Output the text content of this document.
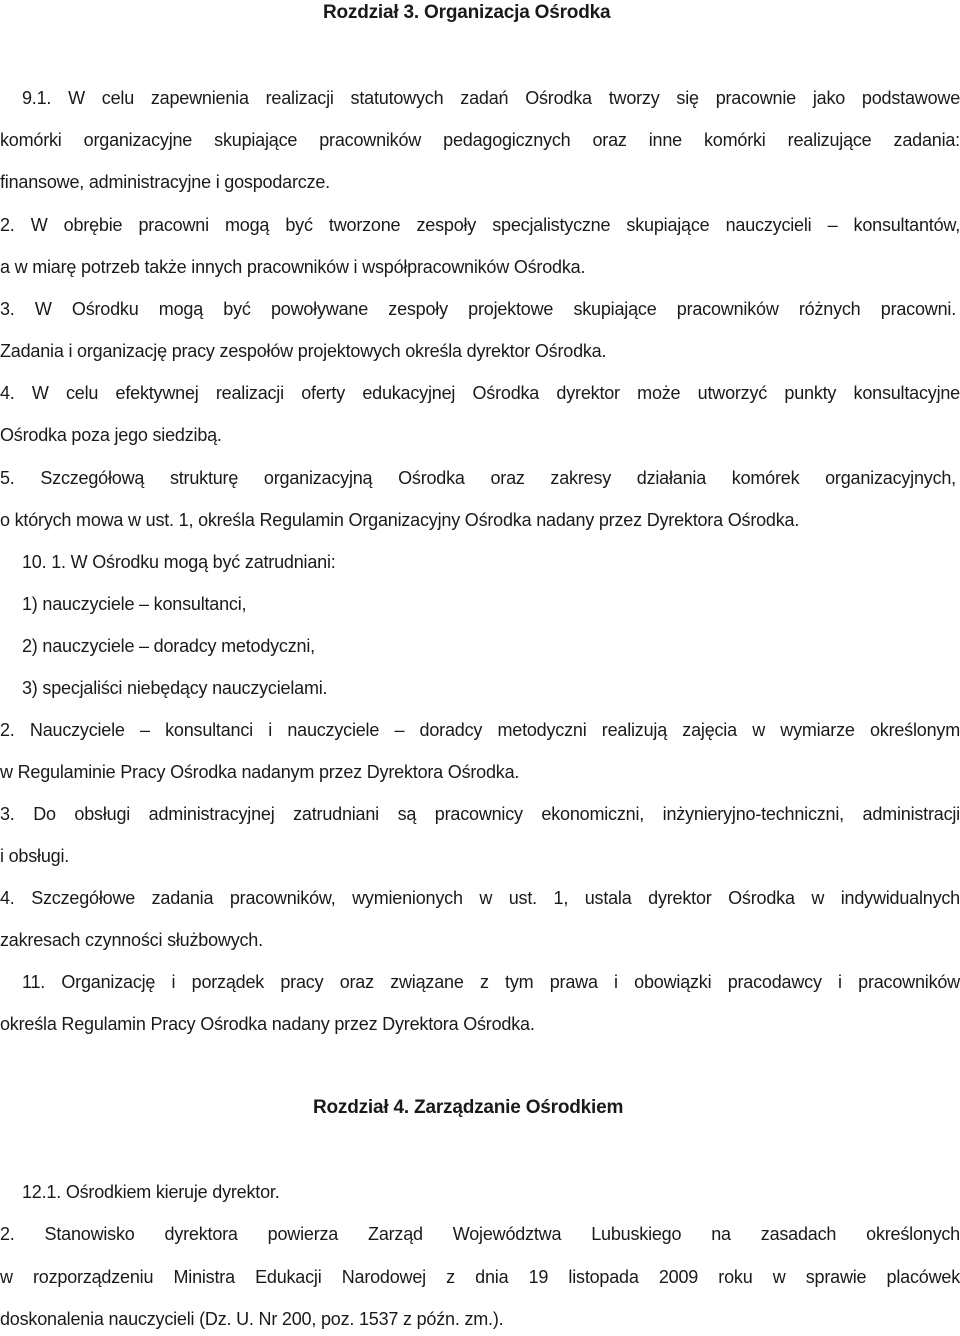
Rozdział 3. Organizacja Ośrodka
9.1. W celu zapewnienia realizacji statutowych zadań Ośrodka tworzy się pracownie jako podstawowe
komórki organizacyjne skupiające pracowników pedagogicznych oraz inne komórki realizujące zadania:
finansowe, administracyjne i gospodarcze.
2. W obrębie pracowni mogą być tworzone zespoły specjalistyczne skupiające nauczycieli – konsultantów,
a w miarę potrzeb także innych pracowników i współpracowników Ośrodka.
3. W Ośrodku mogą być powoływane zespoły projektowe skupiające pracowników różnych pracowni.
Zadania i organizację pracy zespołów projektowych określa dyrektor Ośrodka.
4. W celu efektywnej realizacji oferty edukacyjnej Ośrodka dyrektor może utworzyć punkty konsultacyjne
Ośrodka poza jego siedzibą.
5. Szczegółową strukturę organizacyjną Ośrodka oraz zakresy działania komórek organizacyjnych,
o których mowa w ust. 1, określa Regulamin Organizacyjny Ośrodka nadany przez Dyrektora Ośrodka.
10. 1. W Ośrodku mogą być zatrudniani:
1) nauczyciele – konsultanci,
2) nauczyciele – doradcy metodyczni,
3) specjaliści niebędący nauczycielami.
2. Nauczyciele – konsultanci i nauczyciele – doradcy metodyczni realizują zajęcia w wymiarze określonym
w Regulaminie Pracy Ośrodka nadanym przez Dyrektora Ośrodka.
3. Do obsługi administracyjnej zatrudniani są pracownicy ekonomiczni, inżynieryjno-techniczni, administracji
i obsługi.
4. Szczegółowe zadania pracowników, wymienionych w ust. 1, ustala dyrektor Ośrodka w indywidualnych
zakresach czynności służbowych.
11. Organizację i porządek pracy oraz związane z tym prawa i obowiązki pracodawcy i pracowników
określa Regulamin Pracy Ośrodka nadany przez Dyrektora Ośrodka.
Rozdział 4. Zarządzanie Ośrodkiem
12.1. Ośrodkiem kieruje dyrektor.
2. Stanowisko dyrektora powierza Zarząd Województwa Lubuskiego na zasadach określonych
w rozporządzeniu Ministra Edukacji Narodowej z dnia 19 listopada 2009 roku w sprawie placówek
doskonalenia nauczycieli (Dz. U. Nr 200, poz. 1537 z późn. zm.).
